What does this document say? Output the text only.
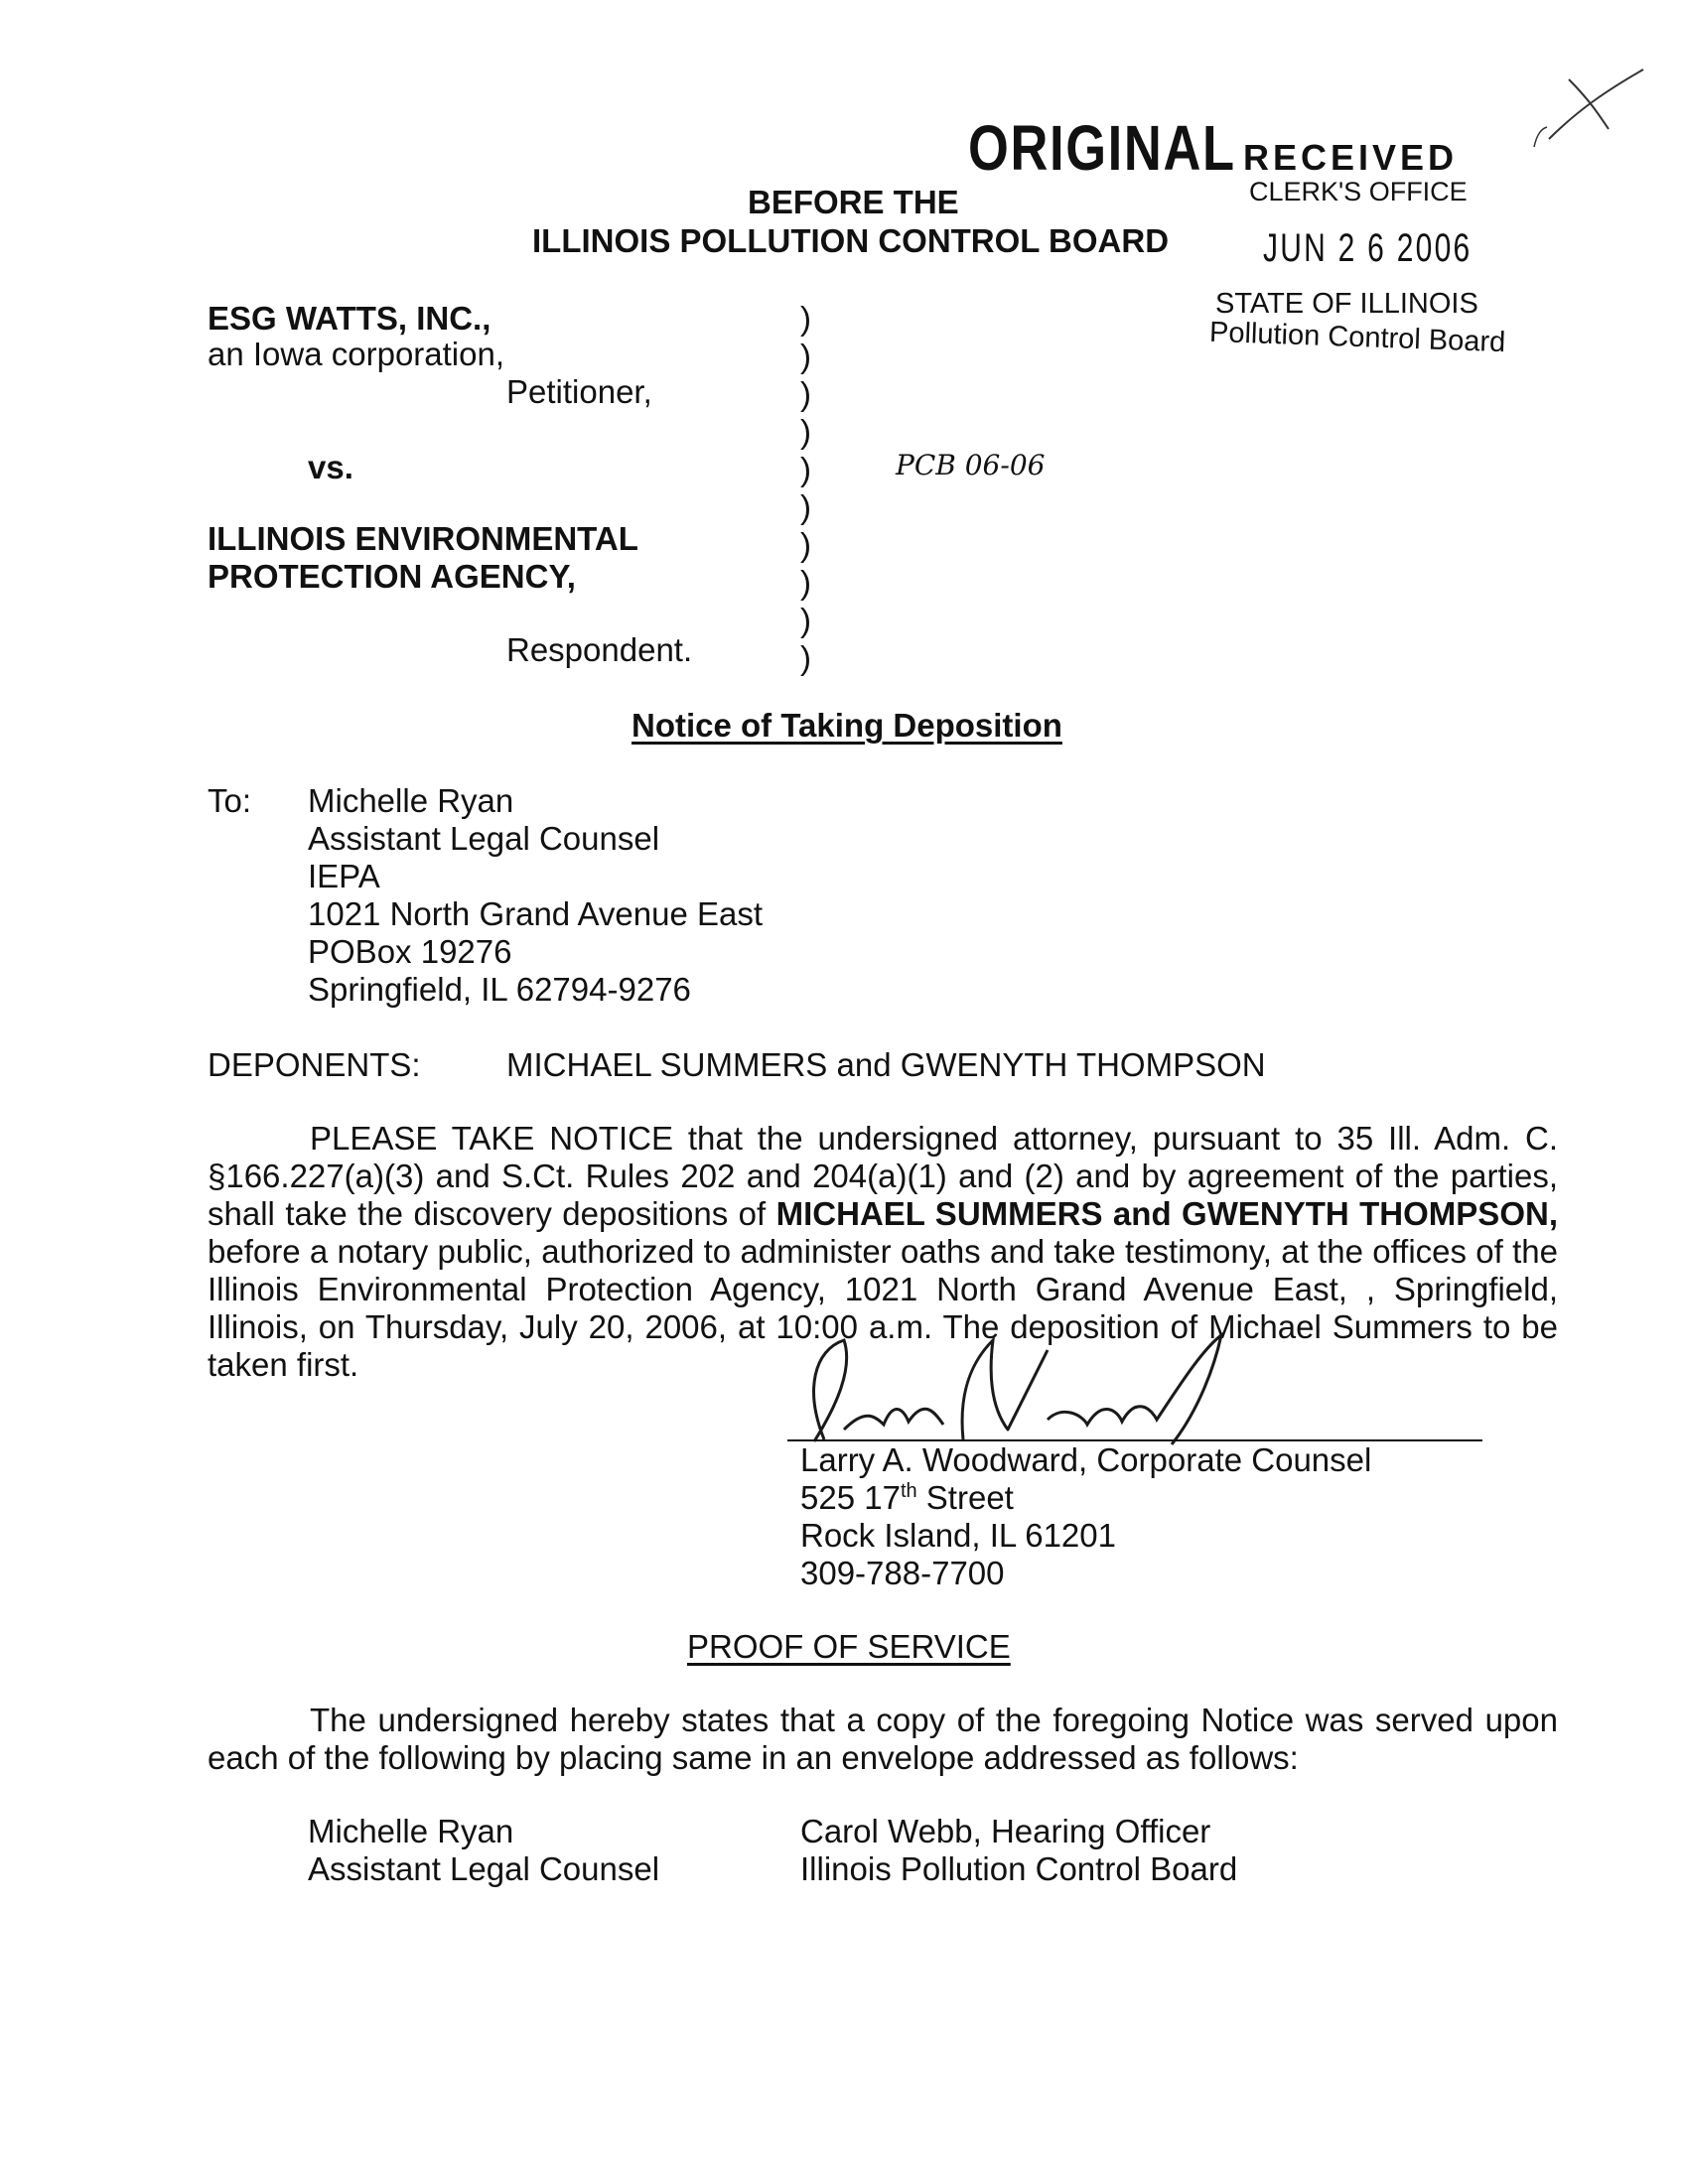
ORIGINAL RECEIVED
CLERK'S OFFICE
JUN 2 6 2006
STATE OF ILLINOIS
Pollution Control Board
BEFORE THE
ILLINOIS POLLUTION CONTROL BOARD
ESG WATTS, INC.,
an Iowa corporation,
Petitioner,
vs.
ILLINOIS ENVIRONMENTAL
PROTECTION AGENCY,
Respondent.
)
)
)
)
)
)
)
)
)
)
PCB 06-06
Notice of Taking Deposition
To: Michelle Ryan
Assistant Legal Counsel
IEPA
1021 North Grand Avenue East
POBox 19276
Springfield, IL 62794-9276
DEPONENTS:	MICHAEL SUMMERS and GWENYTH THOMPSON
PLEASE TAKE NOTICE that the undersigned attorney, pursuant to 35 Ill. Adm. C. §166.227(a)(3) and S.Ct. Rules 202 and 204(a)(1) and (2) and by agreement of the parties, shall take the discovery depositions of MICHAEL SUMMERS and GWENYTH THOMPSON, before a notary public, authorized to administer oaths and take testimony, at the offices of the Illinois Environmental Protection Agency, 1021 North Grand Avenue East, , Springfield, Illinois, on Thursday, July 20, 2006, at 10:00 a.m. The deposition of Michael Summers to be taken first.
Larry A. Woodward, Corporate Counsel
525 17th Street
Rock Island, IL 61201
309-788-7700
PROOF OF SERVICE
The undersigned hereby states that a copy of the foregoing Notice was served upon each of the following by placing same in an envelope addressed as follows:
Michelle Ryan
Assistant Legal Counsel
Carol Webb, Hearing Officer
Illinois Pollution Control Board
